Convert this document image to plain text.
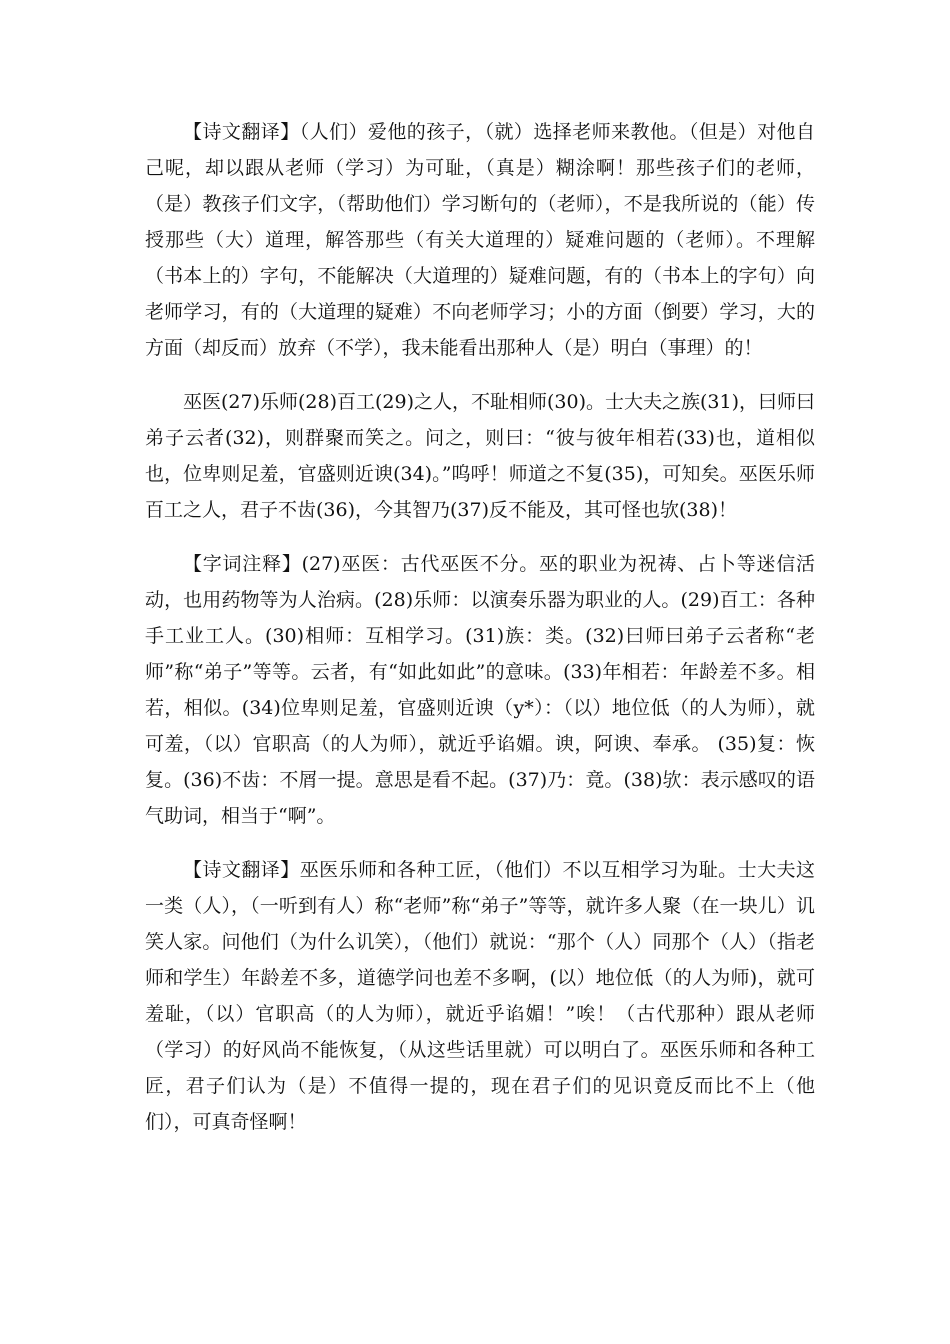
【诗文翻译】（人们）爱他的孩子，（就）选择老师来教他。（但是）对他自己呢，却以跟从老师（学习）为可耻，（真是）糊涂啊！那些孩子们的老师，（是）教孩子们文字，（帮助他们）学习断句的（老师），不是我所说的（能）传授那些（大）道理，解答那些（有关大道理的）疑难问题的（老师）。不理解（书本上的）字句，不能解决（大道理的）疑难问题，有的（书本上的字句）向老师学习，有的（大道理的疑难）不向老师学习；小的方面（倒要）学习，大的方面（却反而）放弃（不学），我未能看出那种人（是）明白（事理）的！

巫医(27)乐师(28)百工(29)之人，不耻相师(30)。士大夫之族(31)，曰师曰弟子云者(32)，则群聚而笑之。问之，则曰：“彼与彼年相若(33)也，道相似也，位卑则足羞，官盛则近谀(34)。”呜呼！师道之不复(35)，可知矣。巫医乐师百工之人，君子不齿(36)，今其智乃(37)反不能及，其可怪也欤(38)！

【字词注释】(27)巫医：古代巫医不分。巫的职业为祝祷、占卜等迷信活动，也用药物等为人治病。(28)乐师：以演奏乐器为职业的人。(29)百工：各种手工业工人。(30)相师：互相学习。(31)族：类。(32)曰师曰弟子云者称“老师”称“弟子”等等。云者，有“如此如此”的意味。(33)年相若：年龄差不多。相若，相似。(34)位卑则足羞，官盛则近谀（y*）：（以）地位低（的人为师），就可羞，（以）官职高（的人为师），就近乎谄媚。谀，阿谀、奉承。 (35)复：恢复。(36)不齿：不屑一提。意思是看不起。(37)乃：竟。(38)欤：表示感叹的语气助词，相当于“啊”。

【诗文翻译】巫医乐师和各种工匠，（他们）不以互相学习为耻。士大夫这一类（人），（一听到有人）称“老师”称“弟子”等等，就许多人聚（在一块儿）讥笑人家。问他们（为什么讥笑），（他们）就说：“那个（人）同那个（人）（指老师和学生）年龄差不多，道德学问也差不多啊，(以）地位低（的人为师)，就可羞耻，（以）官职高（的人为师），就近乎谄媚！”唉！（古代那种）跟从老师（学习）的好风尚不能恢复，（从这些话里就）可以明白了。巫医乐师和各种工匠，君子们认为（是）不值得一提的，现在君子们的见识竟反而比不上（他们），可真奇怪啊！
